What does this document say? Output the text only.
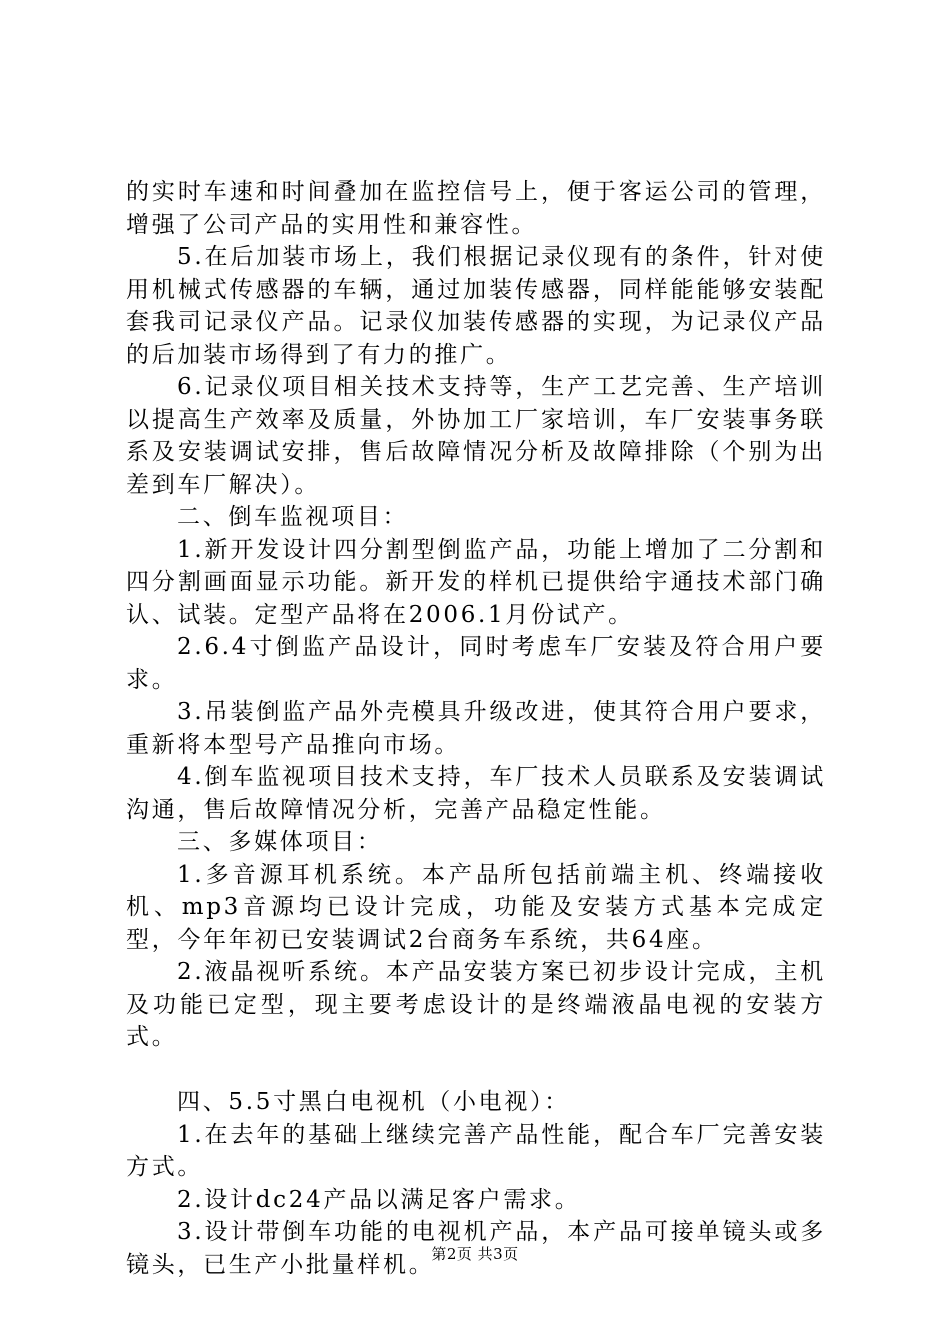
的实时车速和时间叠加在监控信号上，便于客运公司的管理，增强了公司产品的实用性和兼容性。

5.在后加装市场上，我们根据记录仪现有的条件，针对使用机械式传感器的车辆，通过加装传感器，同样能能够安装配套我司记录仪产品。记录仪加装传感器的实现，为记录仪产品的后加装市场得到了有力的推广。

6.记录仪项目相关技术支持等，生产工艺完善、生产培训以提高生产效率及质量，外协加工厂家培训，车厂安装事务联系及安装调试安排，售后故障情况分析及故障排除（个别为出差到车厂解决）。

二、倒车监视项目：

1.新开发设计四分割型倒监产品，功能上增加了二分割和四分割画面显示功能。新开发的样机已提供给宇通技术部门确认、试装。定型产品将在2006.1月份试产。

2.6.4寸倒监产品设计，同时考虑车厂安装及符合用户要求。

3.吊装倒监产品外壳模具升级改进，使其符合用户要求，重新将本型号产品推向市场。

4.倒车监视项目技术支持，车厂技术人员联系及安装调试沟通，售后故障情况分析，完善产品稳定性能。

三、多媒体项目：

1.多音源耳机系统。本产品所包括前端主机、终端接收机、mp3音源均已设计完成，功能及安装方式基本完成定型，今年年初已安装调试2台商务车系统，共64座。

2.液晶视听系统。本产品安装方案已初步设计完成，主机及功能已定型，现主要考虑设计的是终端液晶电视的安装方式。

四、5.5寸黑白电视机（小电视）：

1.在去年的基础上继续完善产品性能，配合车厂完善安装方式。

2.设计dc24产品以满足客户需求。

3.设计带倒车功能的电视机产品，本产品可接单镜头或多镜头，已生产小批量样机。

第2页 共3页
